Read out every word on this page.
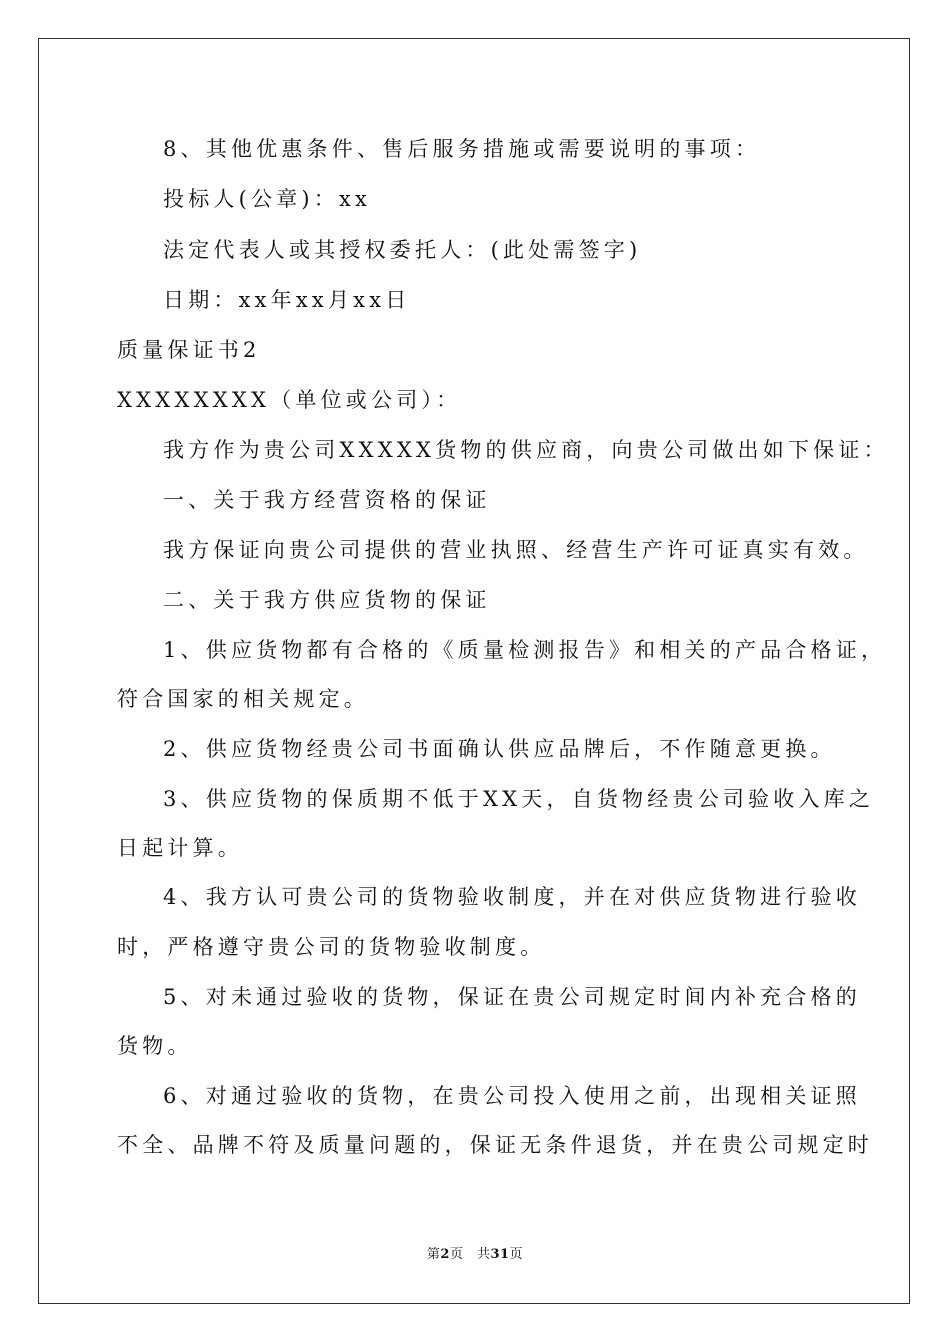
8、其他优惠条件、售后服务措施或需要说明的事项：
投标人(公章)：xx
法定代表人或其授权委托人：(此处需签字)
日期：xx年xx月xx日
质量保证书2
XXXXXXXX（单位或公司）：
我方作为贵公司XXXXX货物的供应商，向贵公司做出如下保证：
一、关于我方经营资格的保证
我方保证向贵公司提供的营业执照、经营生产许可证真实有效。
二、关于我方供应货物的保证
1、供应货物都有合格的《质量检测报告》和相关的产品合格证，
符合国家的相关规定。
2、供应货物经贵公司书面确认供应品牌后，不作随意更换。
3、供应货物的保质期不低于XX天，自货物经贵公司验收入库之
日起计算。
4、我方认可贵公司的货物验收制度，并在对供应货物进行验收
时，严格遵守贵公司的货物验收制度。
5、对未通过验收的货物，保证在贵公司规定时间内补充合格的
货物。
6、对通过验收的货物，在贵公司投入使用之前，出现相关证照
不全、品牌不符及质量问题的，保证无条件退货，并在贵公司规定时
第2页　共31页
